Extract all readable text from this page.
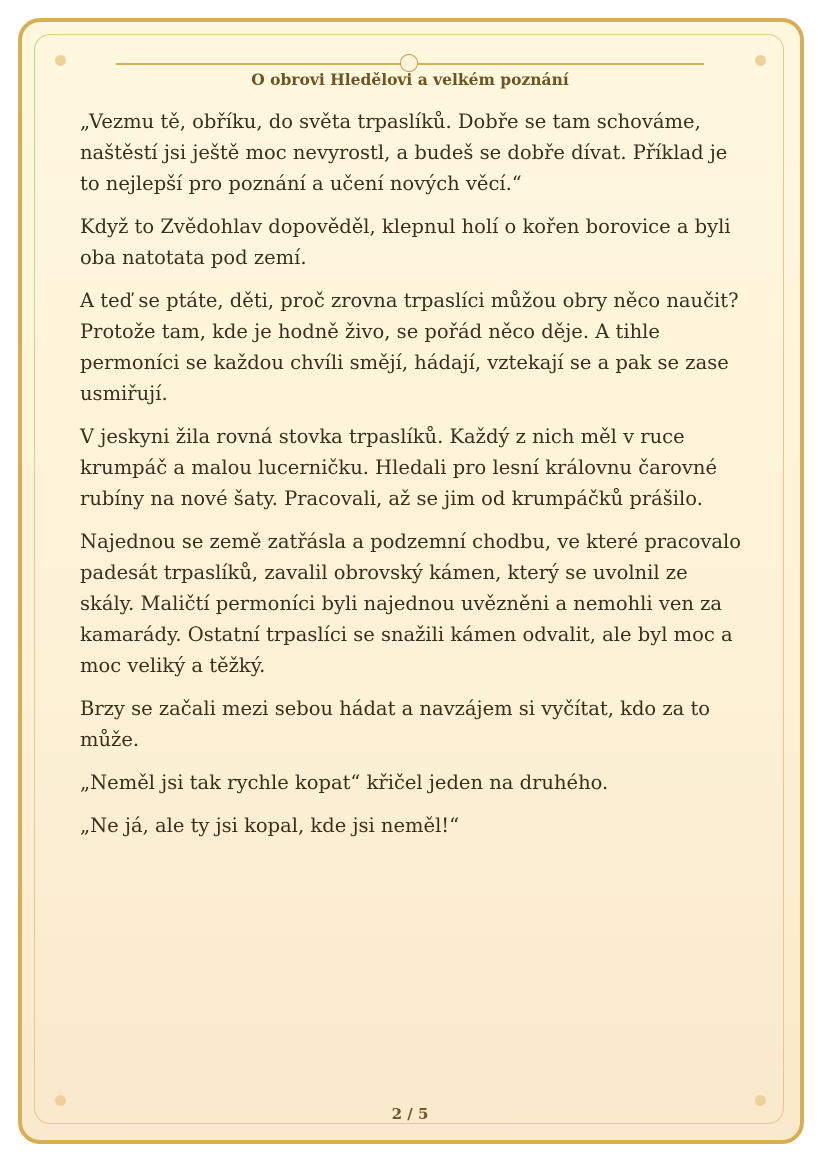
O obrovi Hledělovi a velkém poznání

„Vezmu tě, obříku, do světa trpaslíků. Dobře se tam schováme, naštěstí jsi ještě moc nevyrostl, a budeš se dobře dívat. Příklad je to nejlepší pro poznání a učení nových věcí.“

Když to Zvědohlav dopověděl, klepnul holí o kořen borovice a byli oba natotata pod zemí.

A teď se ptáte, děti, proč zrovna trpaslíci můžou obry něco naučit? Protože tam, kde je hodně živo, se pořád něco děje. A tihle permoníci se každou chvíli smějí, hádají, vztekají se a pak se zase usmiřují.

V jeskyni žila rovná stovka trpaslíků. Každý z nich měl v ruce krumpáč a malou lucerničku. Hledali pro lesní královnu čarovné rubíny na nové šaty. Pracovali, až se jim od krumpáčků prášilo.

Najednou se země zatřásla a podzemní chodbu, ve které pracovalo padesát trpaslíků, zavalil obrovský kámen, který se uvolnil ze skály. Maličtí permoníci byli najednou uvězněni a nemohli ven za kamarády. Ostatní trpaslíci se snažili kámen odvalit, ale byl moc a moc veliký a těžký.

Brzy se začali mezi sebou hádat a navzájem si vyčítat, kdo za to může.

„Neměl jsi tak rychle kopat“ křičel jeden na druhého.

„Ne já, ale ty jsi kopal, kde jsi neměl!“

2 / 5
